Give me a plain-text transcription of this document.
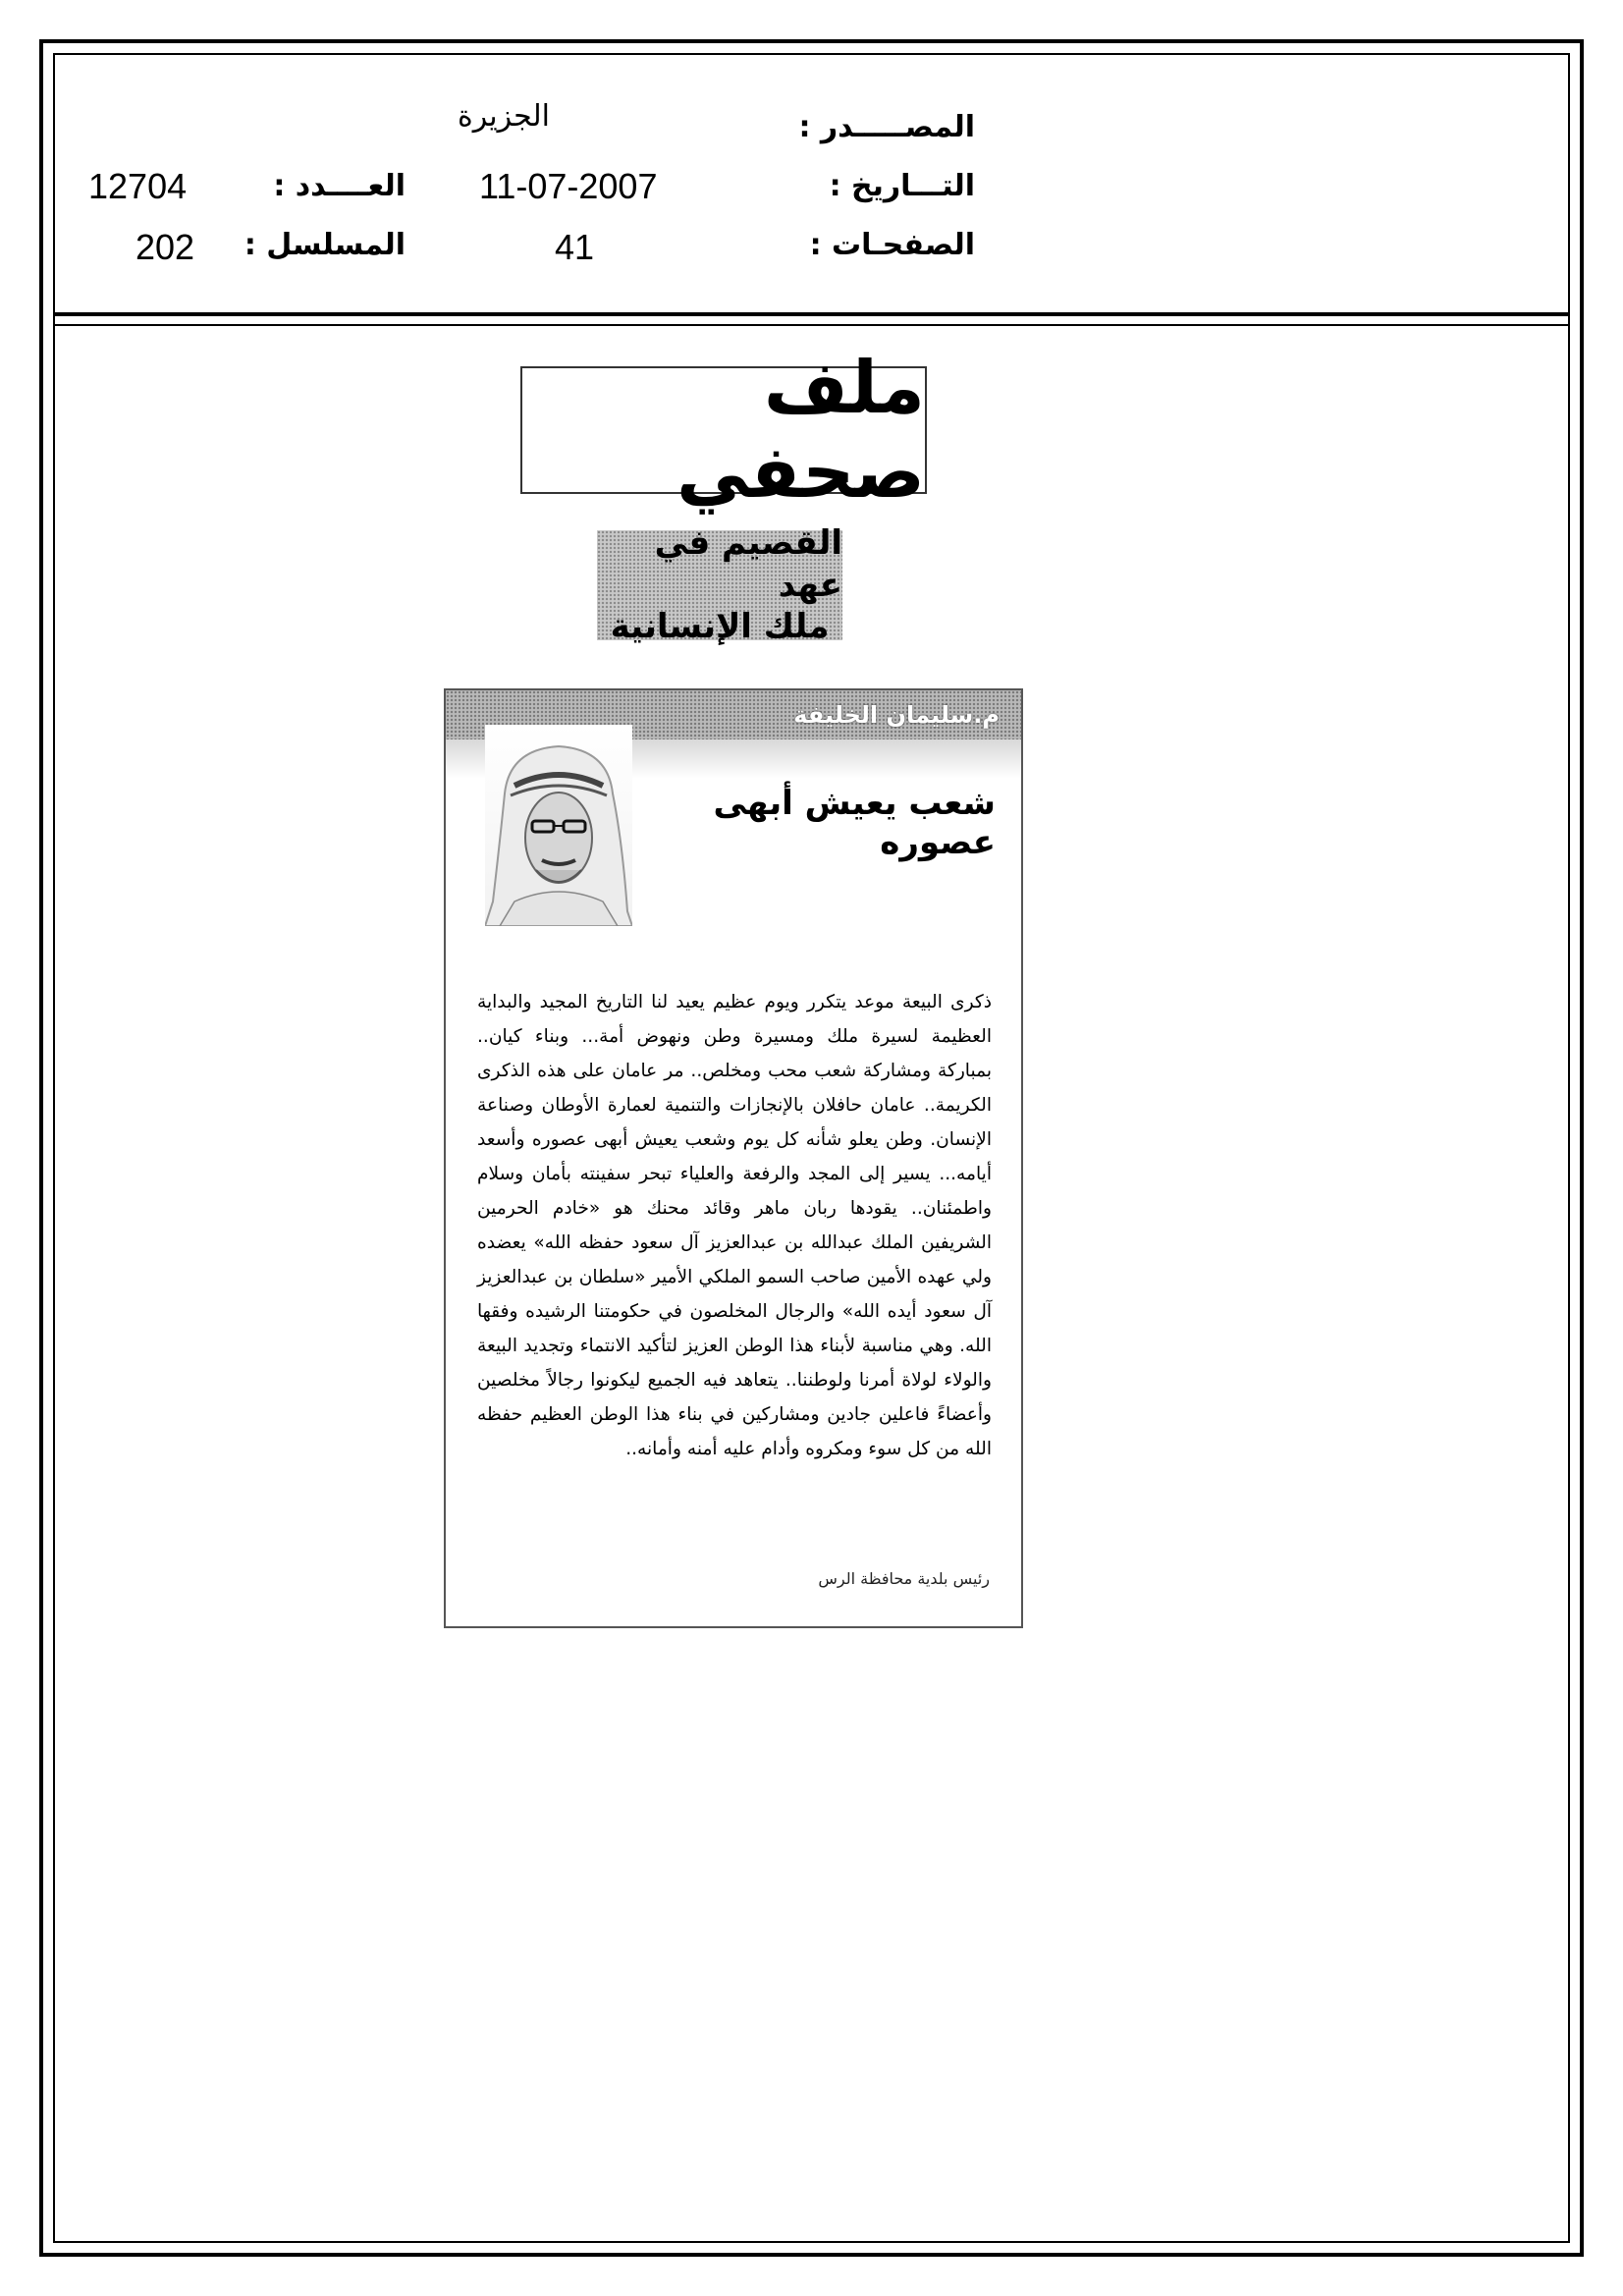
المصـــــدر :
الجزيرة
التـــاريخ :
11-07-2007
العــــدد :
12704
الصفحـات :
41
المسلسل :
202
ملف صحفي
القصيم في عهد
ملك الإنسانية
م.سليمان الخليفة
شعب يعيش أبهى عصوره
ذكرى البيعة موعد يتكرر ويوم عظيم يعيد لنا التاريخ المجيد والبداية العظيمة لسيرة ملك ومسيرة وطن ونهوض أمة... وبناء كيان.. بمباركة ومشاركة شعب محب ومخلص.. مر عامان على هذه الذكرى الكريمة.. عامان حافلان بالإنجازات والتنمية لعمارة الأوطان وصناعة الإنسان. وطن يعلو شأنه كل يوم وشعب يعيش أبهى عصوره وأسعد أيامه... يسير إلى المجد والرفعة والعلياء تبحر سفينته بأمان وسلام واطمئنان.. يقودها ربان ماهر وقائد محنك هو «خادم الحرمين الشريفين الملك عبدالله بن عبدالعزيز آل سعود حفظه الله» يعضده ولي عهده الأمين صاحب السمو الملكي الأمير «سلطان بن عبدالعزيز آل سعود أيده الله» والرجال المخلصون في حكومتنا الرشيده وفقها الله. وهي مناسبة لأبناء هذا الوطن العزيز لتأكيد الانتماء وتجديد البيعة والولاء لولاة أمرنا ولوطننا.. يتعاهد فيه الجميع ليكونوا رجالاً مخلصين وأعضاءً فاعلين جادين ومشاركين في بناء هذا الوطن العظيم حفظه الله من كل سوء ومكروه وأدام عليه أمنه وأمانه..
رئيس بلدية محافظة الرس
